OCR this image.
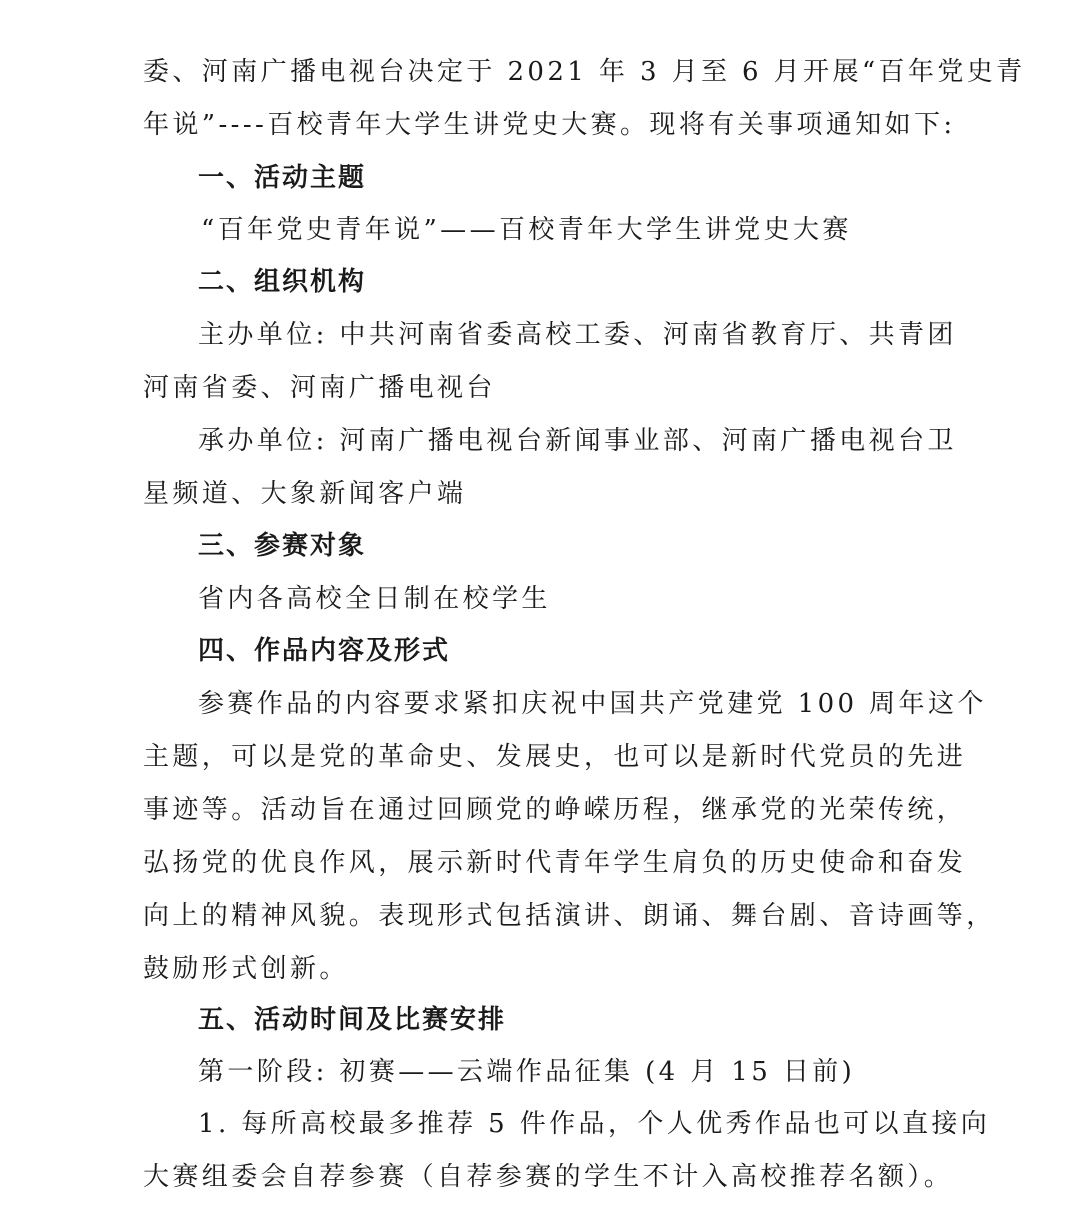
委、河南广播电视台决定于 2021 年 3 月至 6 月开展“百年党史青
年说”----百校青年大学生讲党史大赛。现将有关事项通知如下:
一、活动主题
“百年党史青年说”——百校青年大学生讲党史大赛
二、组织机构
主办单位: 中共河南省委高校工委、河南省教育厅、共青团
河南省委、河南广播电视台
承办单位: 河南广播电视台新闻事业部、河南广播电视台卫
星频道、大象新闻客户端
三、参赛对象
省内各高校全日制在校学生
四、作品内容及形式
参赛作品的内容要求紧扣庆祝中国共产党建党 100 周年这个
主题，可以是党的革命史、发展史，也可以是新时代党员的先进
事迹等。活动旨在通过回顾党的峥嵘历程，继承党的光荣传统，
弘扬党的优良作风，展示新时代青年学生肩负的历史使命和奋发
向上的精神风貌。表现形式包括演讲、朗诵、舞台剧、音诗画等，
鼓励形式创新。
五、活动时间及比赛安排
第一阶段: 初赛——云端作品征集 (4 月 15 日前)
1. 每所高校最多推荐 5 件作品，个人优秀作品也可以直接向
大赛组委会自荐参赛（自荐参赛的学生不计入高校推荐名额）。
